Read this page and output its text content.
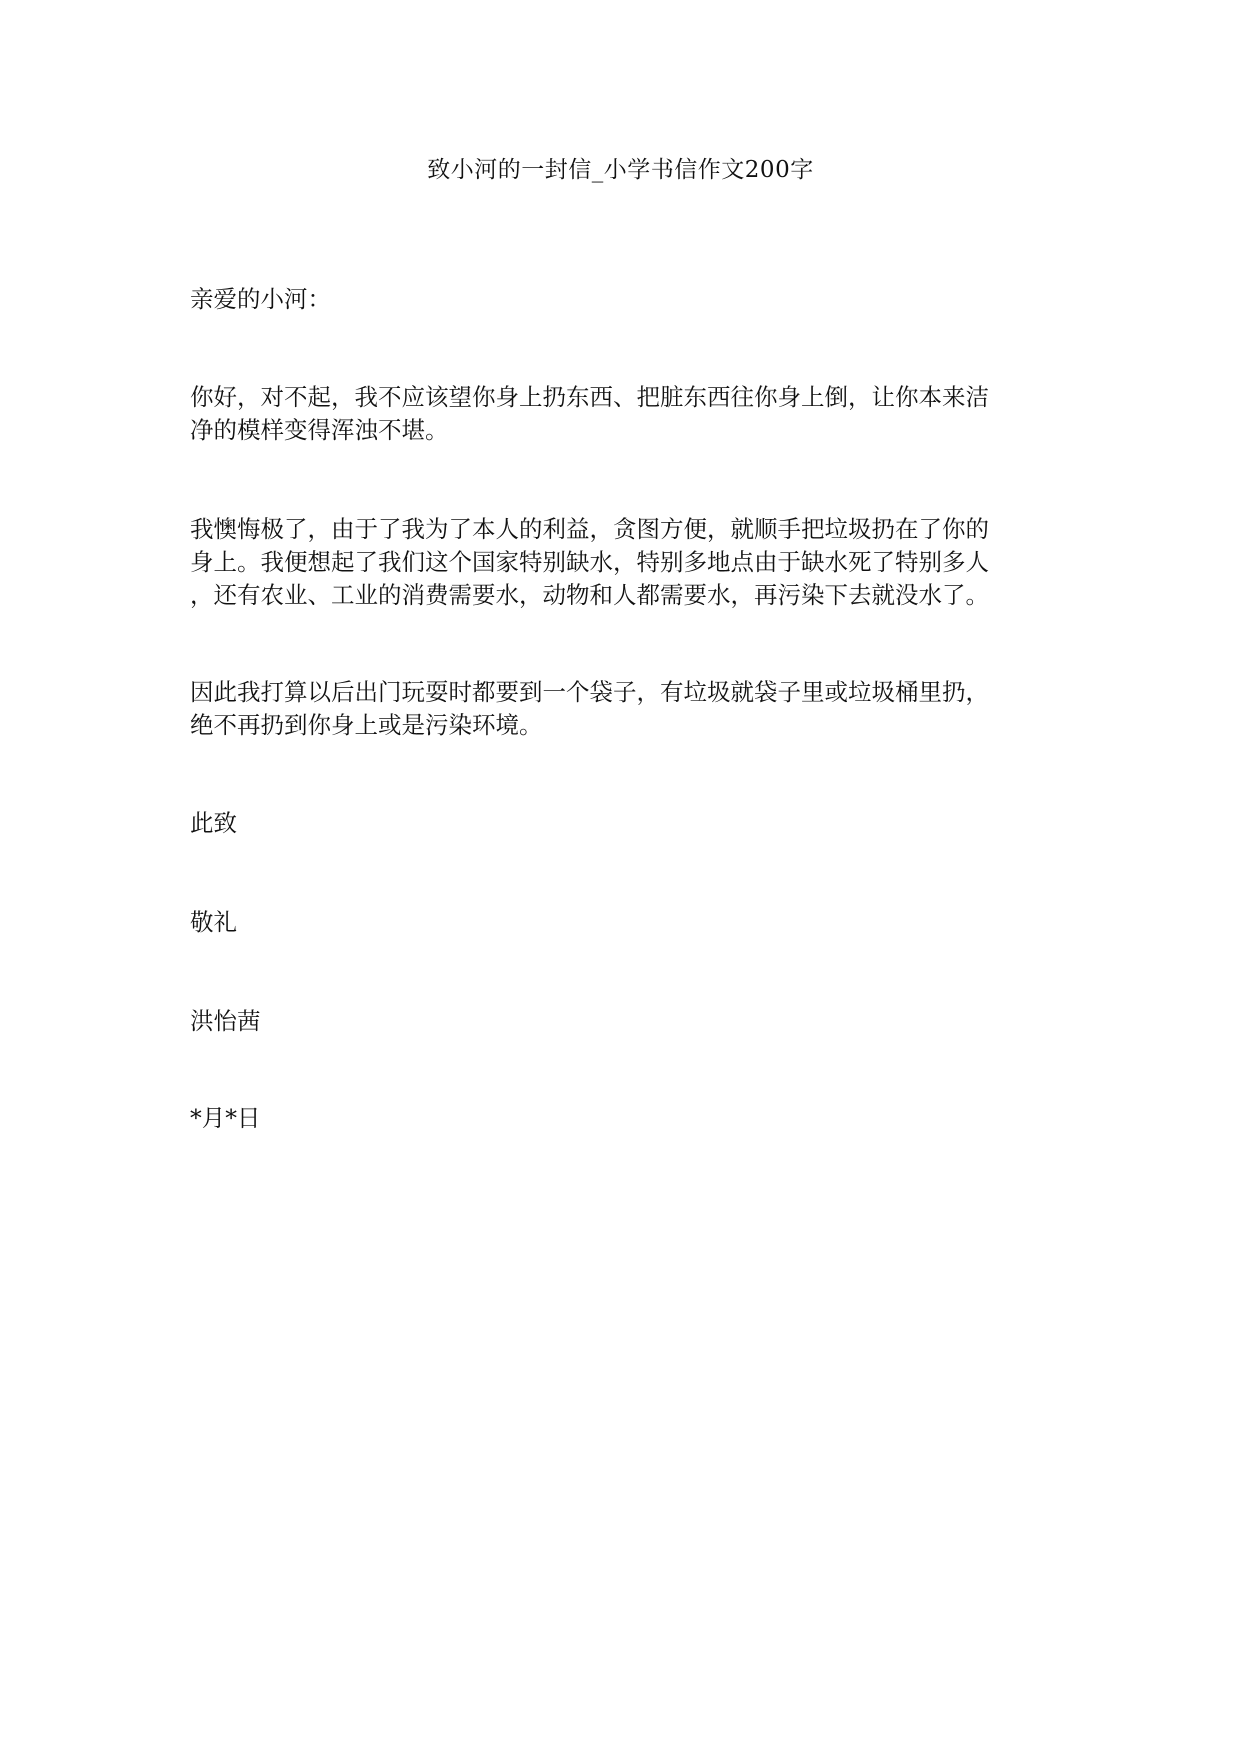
致小河的一封信_小学书信作文200字

亲爱的小河：

你好，对不起，我不应该望你身上扔东西、把脏东西往你身上倒，让你本来洁
净的模样变得浑浊不堪。

我懊悔极了，由于了我为了本人的利益，贪图方便，就顺手把垃圾扔在了你的
身上。我便想起了我们这个国家特别缺水，特别多地点由于缺水死了特别多人
，还有农业、工业的消费需要水，动物和人都需要水，再污染下去就没水了。

因此我打算以后出门玩耍时都要到一个袋子，有垃圾就袋子里或垃圾桶里扔，
绝不再扔到你身上或是污染环境。

此致

敬礼

洪怡茜

*月*日
